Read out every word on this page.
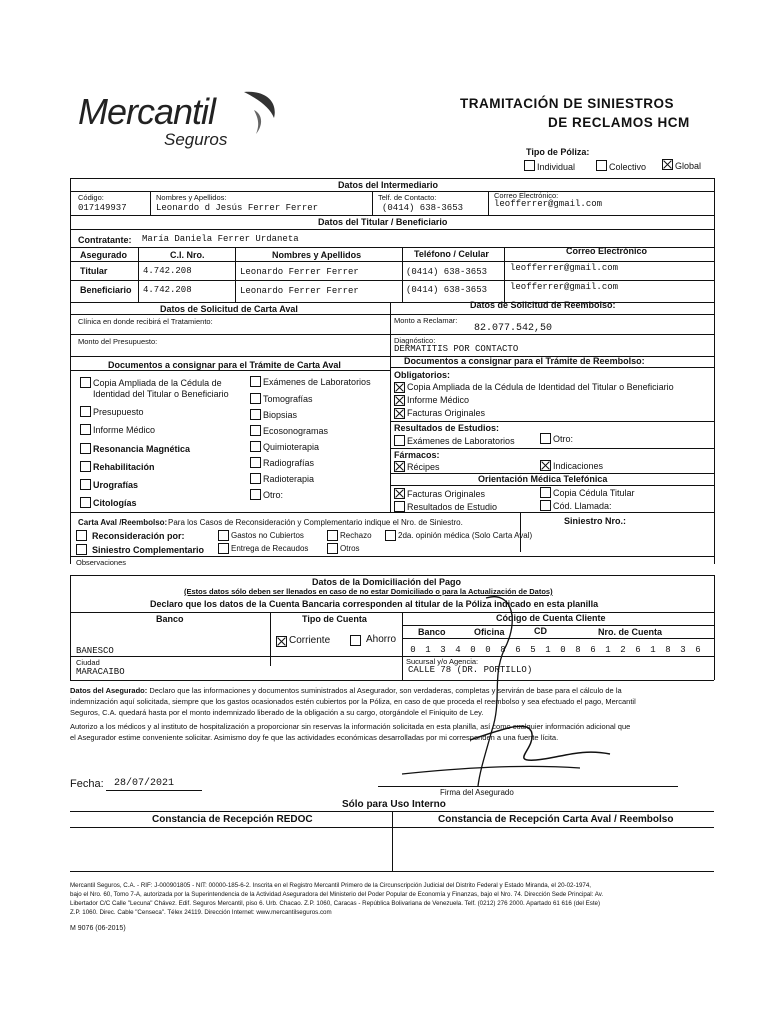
Mercantil
Seguros
TRAMITACIÓN DE SINIESTROS
DE RECLAMOS HCM
Tipo de Póliza:
Individual	Colectivo	Global
Datos del Intermediario
Código:
017149937
Nombres y Apellidos:
Leonardo d Jesús Ferrer Ferrer
Telf. de Contacto:
(0414) 638-3653
Correo Electrónico:
leofferrer@gmail.com
Datos del Titular / Beneficiario
Contratante: María Daniela Ferrer Urdaneta
Asegurado	C.I. Nro.	Nombres y Apellidos	Teléfono / Celular	Correo Electrónico
Titular	4.742.208	Leonardo Ferrer Ferrer	(0414) 638-3653	leofferrer@gmail.com
Beneficiario 4.742.208	Leonardo Ferrer Ferrer	(0414) 638-3653	leofferrer@gmail.com
Datos de Solicitud de Carta Aval	Datos de Solicitud de Reembolso:
Clínica en donde recibirá el Tratamiento:	Monto a Reclamar:
82.077.542,50
Monto del Presupuesto:	Diagnóstico:
DERMATITIS POR CONTACTO
Documentos a consignar para el Trámite de Carta Aval	Documentos a consignar para el Trámite de Reembolso:
Copia Ampliada de la Cédula de
Identidad del Titular o Beneficiario
Presupuesto
Informe Médico
Resonancia Magnética
Rehabilitación
Urografías
Citologías
Exámenes de Laboratorios
Tomografías
Biopsias
Ecosonogramas
Quimioterapia
Radiografías
Radioterapia
Otro:
Obligatorios:
Copia Ampliada de la Cédula de Identidad del Titular o Beneficiario
Informe Médico
Facturas Originales
Resultados de Estudios:
Exámenes de Laboratorios	Otro:
Fármacos:
Récipes	Indicaciones
Orientación Médica Telefónica
Facturas Originales	Copia Cédula Titular
Resultados de Estudio	Cód. Llamada:
Carta Aval /Reembolso: Para los Casos de Reconsideración y Complementario indique el Nro. de Siniestro.	Siniestro Nro.:
Reconsideración por:	Gastos no Cubiertos	Rechazo	2da. opinión médica (Solo Carta Aval)
Siniestro Complementario	Entrega de Recaudos	Otros
Observaciones
Datos de la Domiciliación del Pago
(Estos datos sólo deben ser llenados en caso de no estar Domiciliado o para la Actualización de Datos)
Declaro que los datos de la Cuenta Bancaria corresponden al titular de la Póliza indicado en esta planilla
Banco	Tipo de Cuenta	Código de Cuenta Cliente
Banco	Oficina	CD	Nro. de Cuenta
BANESCO
Corriente	Ahorro
0	1	3	4	0	0	8	6	5	1	0	8	6	1	2	6	1	8	3	6
Ciudad
MARACAIBO
Sucursal y/o Agencia:
CALLE 78 (DR. PORTILLO)
Datos del Asegurado: Declaro que las informaciones y documentos suministrados al Asegurador, son verdaderas, completas y servirán de base para el cálculo de la
indemnización aquí solicitada, siempre que los gastos ocasionados estén cubiertos por la Póliza, en caso de que proceda el reembolso y sea efectuado el pago, Mercantil
Seguros, C.A. quedará hasta por el monto indemnizado liberado de la obligación a su cargo, otorgándole el Finiquito de Ley.
Autorizo a los médicos y al instituto de hospitalización a proporcionar sin reservas la información solicitada en esta planilla, así como cualquier información adicional que
el Asegurador estime conveniente solicitar. Asimismo doy fe que las actividades económicas desarrolladas por mi corresponden a una fuente lícita.
Fecha: 28/07/2021
Firma del Asegurado
Sólo para Uso Interno
Constancia de Recepción REDOC	Constancia de Recepción Carta Aval / Reembolso
Mercantil Seguros, C.A. - RIF: J-000901805 - NIT: 00000-185-6-2. Inscrita en el Registro Mercantil Primero de la Circunscripción Judicial del Distrito Federal y Estado Miranda, el 20-02-1974,
bajo el Nro. 60, Tomo 7-A, autorizada por la Superintendencia de la Actividad Aseguradora del Ministerio del Poder Popular de Economía y Finanzas, bajo el Nro. 74. Dirección Sede Principal: Av.
Libertador C/C Calle "Lecuna" Chávez. Edif. Seguros Mercantil, piso 6. Urb. Chacao. Z.P. 1060, Caracas - República Bolivariana de Venezuela. Telf. (0212) 276 2000. Apartado 61 616 (del Este)
Z.P. 1060. Direc. Cable "Censeca". Télex 24119. Dirección Internet: www.mercantilseguros.com
M 9076 (06-2015)
